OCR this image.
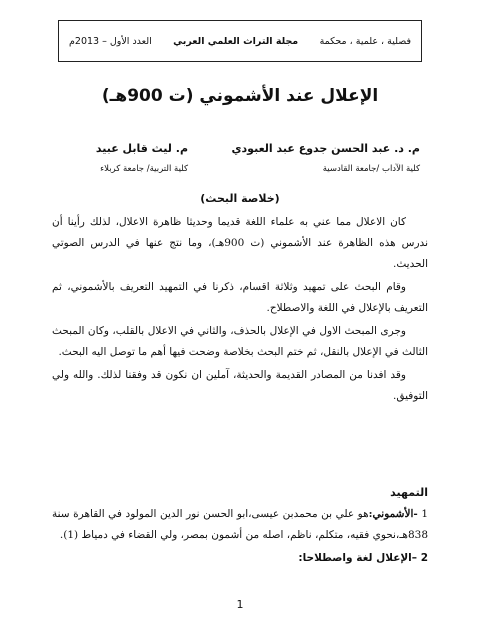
مجلة التراث العلمي العربي فصلية ، علمية ، محكمة
العدد الأول – 2013م
الإعلال عند الأشموني (ت 900هـ)
م. د. عبد الحسن جدوع عبد العبودي
كلية الآداب /جامعة القادسية
م. ليث قابل عبيد
كلية التربية/ جامعة كربلاء
(خلاصة البحث)

كان الاعلال مما عني به علماء اللغة قديما وحديثا ظاهرة الاعلال، لذلك رأينا أن ندرس هذه الظاهرة عند الأشموني (ت 900هـ)، وما نتج عنها في الدرس الصوتي الحديث.

وقام البحث على تمهيد وثلاثة اقسام، ذكرنا في التمهيد التعريف بالأشموني، ثم التعريف بالإعلال في اللغة والاصطلاح.

وجرى المبحث الاول في الإعلال بالحذف، والثاني في الاعلال بالقلب، وكان المبحث الثالث في الإعلال بالنقل، ثم ختم البحث بخلاصة وضحت فيها أهم ما توصل اليه البحث.

وقد افدنا من المصادر القديمة والحديثة، آملين ان نكون قد وفقنا لذلك. والله ولي التوفيق.

التمهيد

1 -الأشموني:هو علي بن محمدبن عيسى،ابو الحسن نور الدين المولود في القاهرة سنة 838هـ،نحوي فقيه، متكلم، ناظم، اصله من أشمون بمصر، ولي القضاء في دمياط (1).

2 –الإعلال لغة واصطلاحا:

1
